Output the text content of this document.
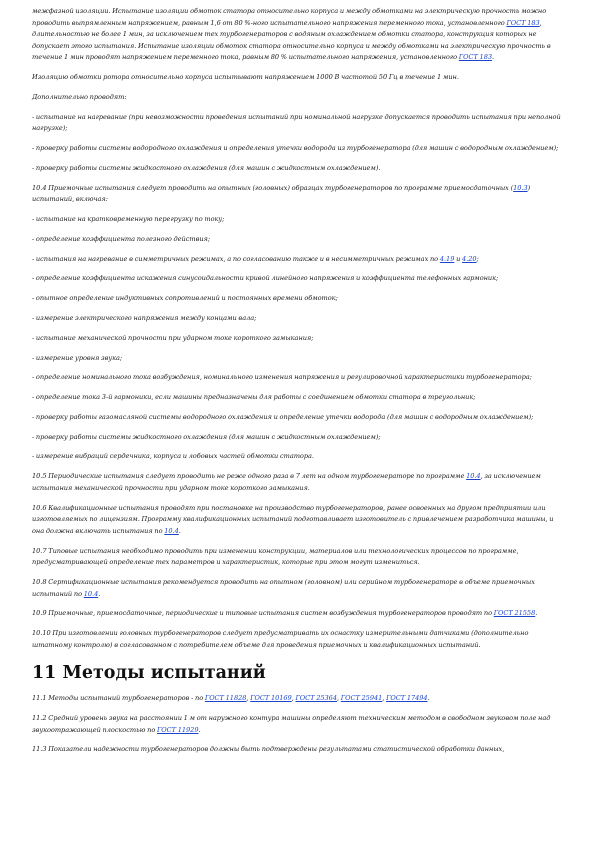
межфазной изоляции. Испытание изоляции обмоток статора относительно корпуса и между обмотками на электрическую прочность можно проводить выпрямленным напряжением, равным 1,6 от 80 %-ного испытательного напряжения переменного тока, установленного ГОСТ 183, длительностью не более 1 мин, за исключением тех турбогенераторов с водяным охлаждением обмотки статора, конструкция которых не допускает этого испытания. Испытание изоляции обмоток статора относительно корпуса и между обмотками на электрическую прочность в течение 1 мин проводят напряжением переменного тока, равным 80 % испытательного напряжения, установленного ГОСТ 183.

Изоляцию обмотки ротора относительно корпуса испытывают напряжением 1000 В частотой 50 Гц в течение 1 мин.

Дополнительно проводят:

- испытание на нагревание (при невозможности проведения испытаний при номинальной нагрузке допускается проводить испытания при неполной нагрузке);

- проверку работы системы водородного охлаждения и определения утечки водорода из турбогенератора (для машин с водородным охлаждением);

- проверку работы системы жидкостного охлаждения (для машин с жидкостным охлаждением).

10.4 Приемочные испытания следует проводить на опытных (головных) образцах турбогенераторов по программе приемосдаточных (10.3) испытаний, включая:

- испытание на кратковременную перегрузку по току;

- определение коэффициента полезного действия;

- испытания на нагревание в симметричных режимах, а по согласованию также и в несимметричных режимах по 4.19 и 4.20;

- определение коэффициента искажения синусоидальности кривой линейного напряжения и коэффициента телефонных гармоник;

- опытное определение индуктивных сопротивлений и постоянных времени обмоток;

- измерение электрического напряжения между концами вала;

- испытание механической прочности при ударном токе короткого замыкания;

- измерение уровня звука;

- определение номинального тока возбуждения, номинального изменения напряжения и регулировочной характеристики турбогенератора;

- определение тока 3-й гармоники, если машины предназначены для работы с соединением обмотки статора в треугольник;

- проверку работы газомасляной системы водородного охлаждения и определение утечки водорода (для машин с водородным охлаждением);

- проверку работы системы жидкостного охлаждения (для машин с жидкостным охлаждением);

- измерение вибраций сердечника, корпуса и лобовых частей обмотки статора.

10.5 Периодические испытания следует проводить не реже одного раза в 7 лет на одном турбогенераторе по программе 10.4, за исключением испытания механической прочности при ударном токе короткого замыкания.

10.6 Квалификационные испытания проводят при постановке на производство турбогенераторов, ранее освоенных на другом предприятии или изготовляемых по лицензиям. Программу квалификационных испытаний подготавливает изготовитель с привлечением разработчика машины, и она должна включать испытания по 10.4.

10.7 Типовые испытания необходимо проводить при изменении конструкции, материалов или технологических процессов по программе, предусматривающей определение тех параметров и характеристик, которые при этом могут измениться.

10.8 Сертификационные испытания рекомендуется проводить на опытном (головном) или серийном турбогенераторе в объеме приемочных испытаний по 10.4.

10.9 Приемочные, приемосдаточные, периодические и типовые испытания систем возбуждения турбогенераторов проводят по ГОСТ 21558.

10.10 При изготовлении головных турбогенераторов следует предусматривать их оснастку измерительными датчиками (дополнительно штатному контролю) в согласованном с потребителем объеме для проведения приемочных и квалификационных испытаний.

11 Методы испытаний

11.1 Методы испытаний турбогенераторов - по ГОСТ 11828, ГОСТ 10169, ГОСТ 25364, ГОСТ 25941, ГОСТ 17494.

11.2 Средний уровень звука на расстоянии 1 м от наружного контура машины определяют техническим методом в свободном звуковом поле над звукоотражающей плоскостью по ГОСТ 11929.

11.3 Показатели надежности турбогенераторов должны быть подтверждены результатами статистической обработки данных,
